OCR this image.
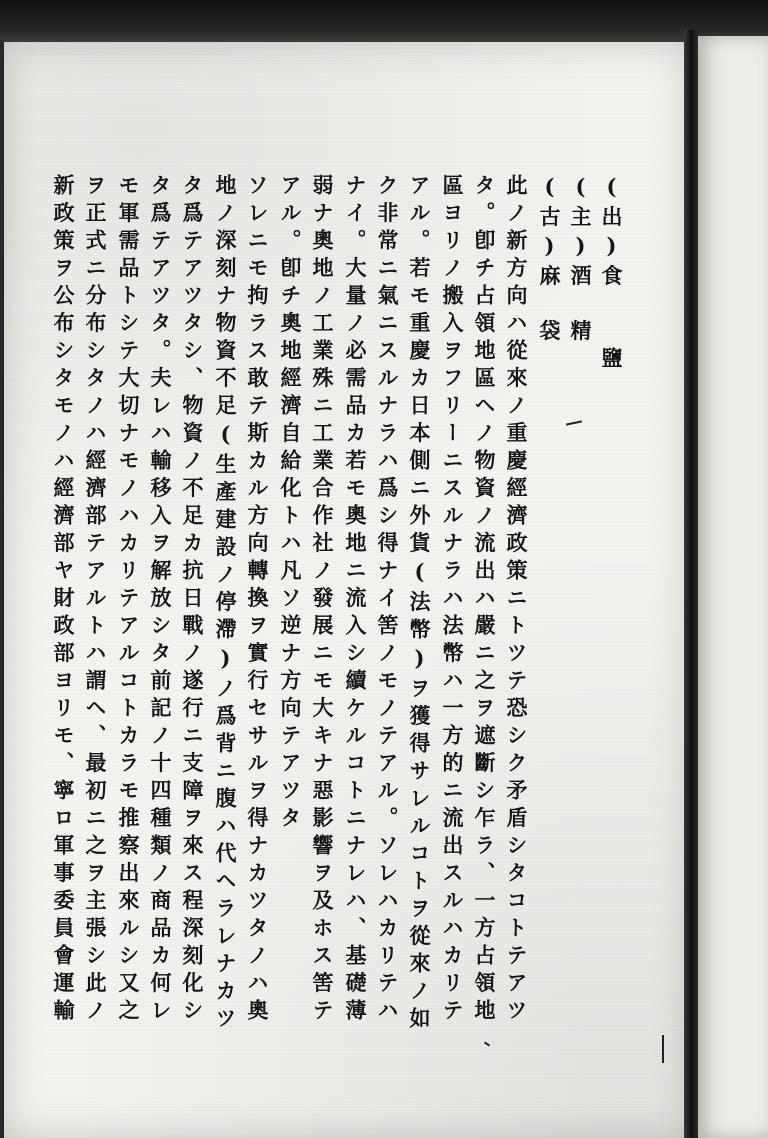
(出)食　　鹽
(主)酒　精
(古)麻　袋
此ノ新方向ハ從來ノ重慶經濟政策ニトツテ恐シク矛盾シタコトテアツ
タ。卽チ占領地區ヘノ物資ノ流出ハ嚴ニ之ヲ遮斷シ乍ラ、一方占領地
區ヨリノ搬入ヲフリーニスルナラハ法幣ハ一方的ニ流出スルハカリテ
アル。若モ重慶カ日本側ニ外貨(法幣)ヲ獲得サレルコトヲ從來ノ如
ク非常ニ氣ニスルナラハ爲シ得ナイ筈ノモノテアル。ソレハカリテハ
ナイ。大量ノ必需品カ若モ奧地ニ流入シ續ケルコトニナレハ、基礎薄
弱ナ奧地ノ工業殊ニ工業合作社ノ發展ニモ大キナ惡影響ヲ及ホス筈テ
アル。卽チ奧地經濟自給化トハ凡ソ逆ナ方向テアツタ
ソレニモ拘ラス敢テ斯カル方向轉換ヲ實行セサルヲ得ナカツタノハ奧
地ノ深刻ナ物資不足(生產建設ノ停滯)ノ爲背ニ腹ハ代ヘラレナカツ
タ爲テアツタシ、物資ノ不足カ抗日戰ノ遂行ニ支障ヲ來ス程深刻化シ
タ爲テアツタ。夫レハ輸移入ヲ解放シタ前記ノ十四種類ノ商品カ何レ
モ軍需品トシテ大切ナモノハカリテアルコトカラモ推察出來ルシ又之
ヲ正式ニ分布シタノハ經濟部テアルトハ謂ヘ、最初ニ之ヲ主張シ此ノ
新政策ヲ公布シタモノハ經濟部ヤ財政部ヨリモ、寧ロ軍事委員會運輸
